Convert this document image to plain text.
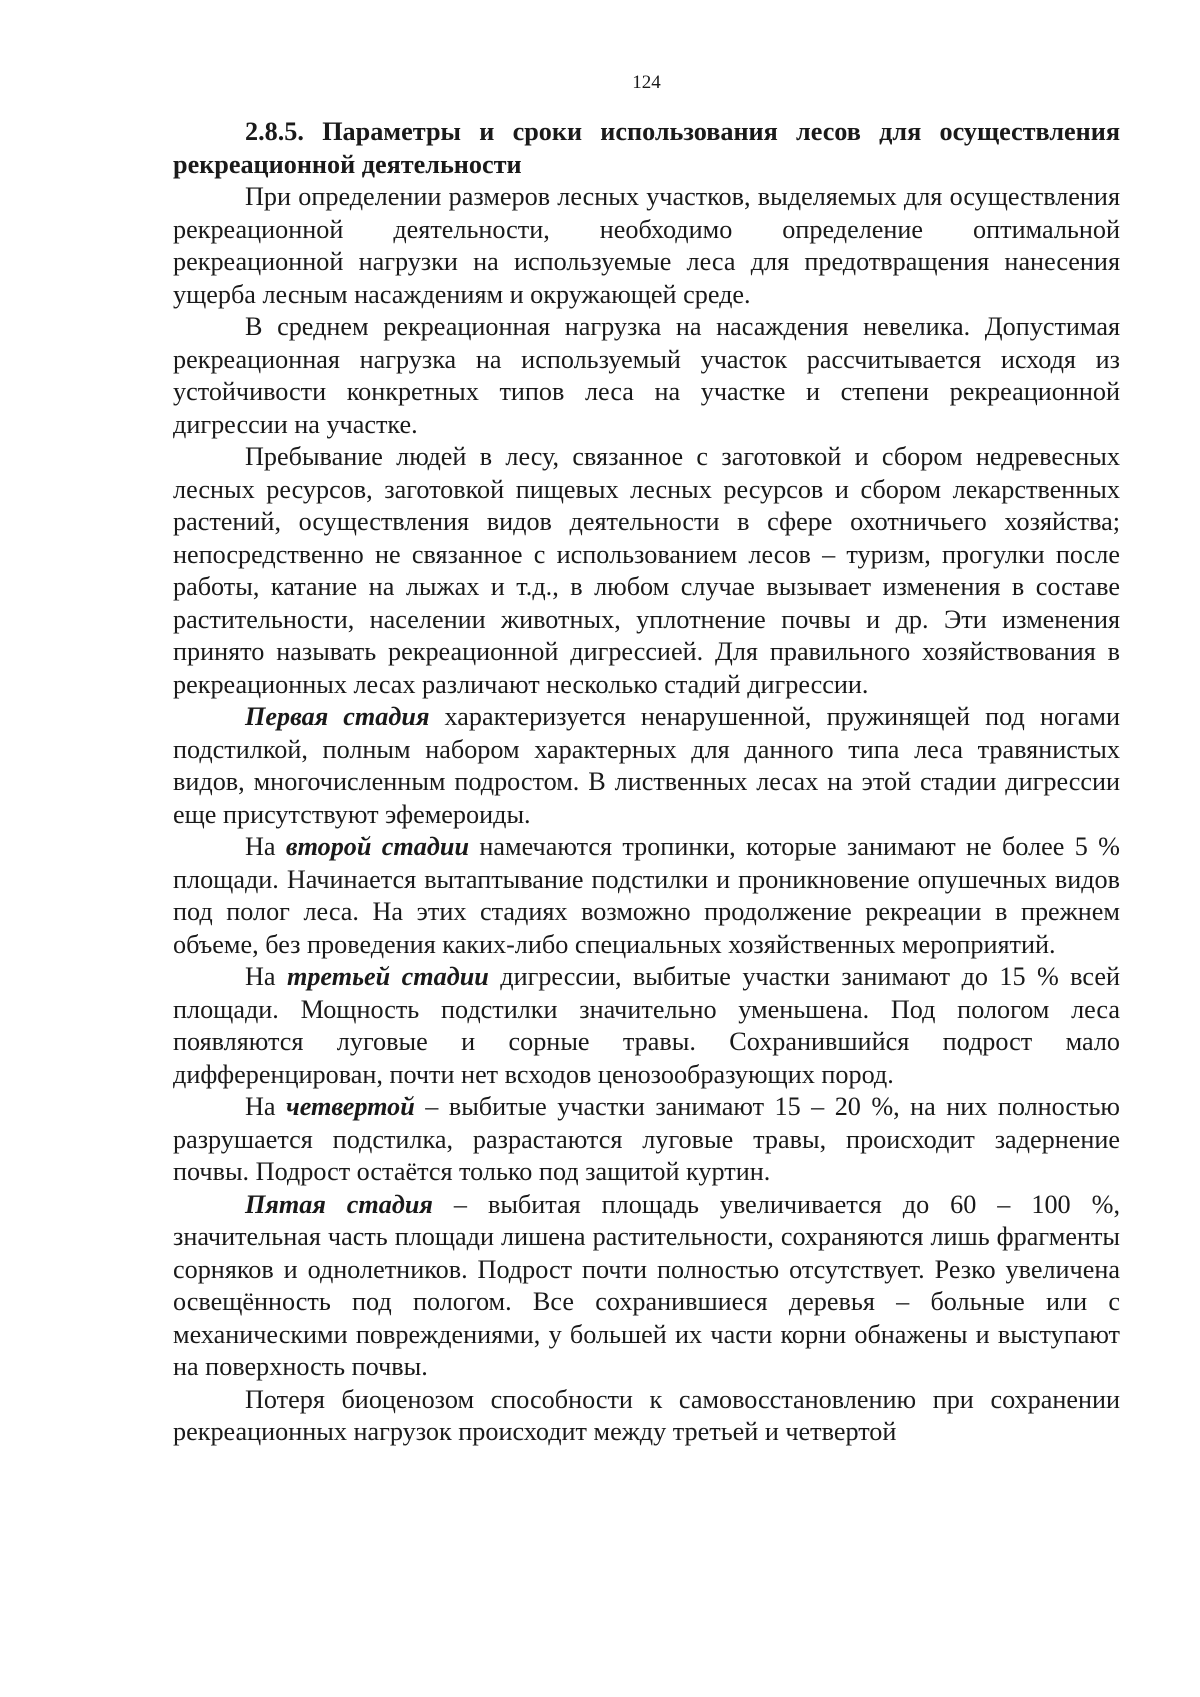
124

2.8.5. Параметры и сроки использования лесов для осуществления рекреационной деятельности

При определении размеров лесных участков, выделяемых для осуществления рекреационной деятельности, необходимо определение оптимальной рекреационной нагрузки на используемые леса для предотвращения нанесения ущерба лесным насаждениям и окружающей среде.

В среднем рекреационная нагрузка на насаждения невелика. Допустимая рекреационная нагрузка на используемый участок рассчитывается исходя из устойчивости конкретных типов леса на участке и степени рекреационной дигрессии на участке.

Пребывание людей в лесу, связанное с заготовкой и сбором недревесных лесных ресурсов, заготовкой пищевых лесных ресурсов и сбором лекарственных растений, осуществления видов деятельности в сфере охотничьего хозяйства; непосредственно не связанное с использованием лесов – туризм, прогулки после работы, катание на лыжах и т.д., в любом случае вызывает изменения в составе растительности, населении животных, уплотнение почвы и др. Эти изменения принято называть рекреационной дигрессией. Для правильного хозяйствования в рекреационных лесах различают несколько стадий дигрессии.

Первая стадия характеризуется ненарушенной, пружинящей под ногами подстилкой, полным набором характерных для данного типа леса травянистых видов, многочисленным подростом. В лиственных лесах на этой стадии дигрессии еще присутствуют эфемероиды.

На второй стадии намечаются тропинки, которые занимают не более 5 % площади. Начинается вытаптывание подстилки и проникновение опушечных видов под полог леса. На этих стадиях возможно продолжение рекреации в прежнем объеме, без проведения каких-либо специальных хозяйственных мероприятий.

На третьей стадии дигрессии, выбитые участки занимают до 15 % всей площади. Мощность подстилки значительно уменьшена. Под пологом леса появляются луговые и сорные травы. Сохранившийся подрост мало дифференцирован, почти нет всходов ценозообразующих пород.

На четвертой – выбитые участки занимают 15 – 20 %, на них полностью разрушается подстилка, разрастаются луговые травы, происходит задернение почвы. Подрост остаётся только под защитой куртин.

Пятая стадия – выбитая площадь увеличивается до 60 – 100 %, значительная часть площади лишена растительности, сохраняются лишь фрагменты сорняков и однолетников. Подрост почти полностью отсутствует. Резко увеличена освещённость под пологом. Все сохранившиеся деревья – больные или с механическими повреждениями, у большей их части корни обнажены и выступают на поверхность почвы.

Потеря биоценозом способности к самовосстановлению при сохранении рекреационных нагрузок происходит между третьей и четвертой
